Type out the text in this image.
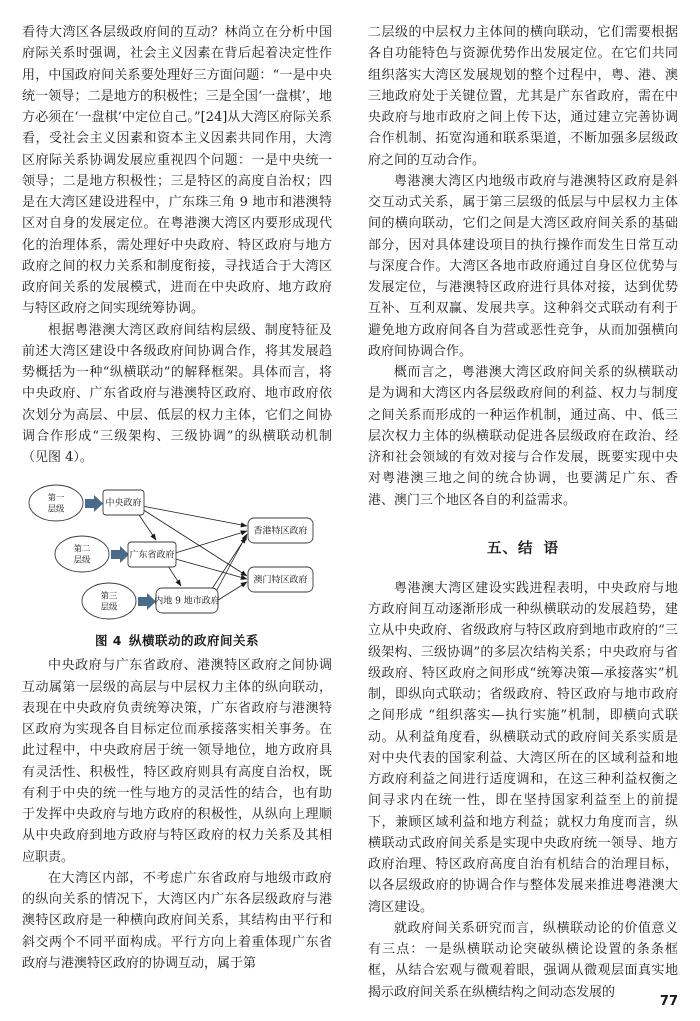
看待大湾区各层级政府间的互动？林尚立在分析中国府际关系时强调，社会主义因素在背后起着决定性作用，中国政府间关系要处理好三方面问题：“一是中央统一领导；二是地方的积极性；三是全国‘一盘棋’，地方必须在‘一盘棋’中定位自己。”[24]从大湾区府际关系看，受社会主义因素和资本主义因素共同作用，大湾区府际关系协调发展应重视四个问题：一是中央统一领导；二是地方积极性；三是特区的高度自治权；四是在大湾区建设进程中，广东珠三角 9 地市和港澳特区对自身的发展定位。在粤港澳大湾区内要形成现代化的治理体系，需处理好中央政府、特区政府与地方政府之间的权力关系和制度衔接，寻找适合于大湾区政府间关系的发展模式，进而在中央政府、地方政府与特区政府之间实现统筹协调。

根据粤港澳大湾区政府间结构层级、制度特征及前述大湾区建设中各级政府间协调合作，将其发展趋势概括为一种“纵横联动”的解释框架。具体而言，将中央政府、广东省政府与港澳特区政府、地市政府依次划分为高层、中层、低层的权力主体，它们之间协调合作形成“三级架构、三级协调”的纵横联动机制（见图 4）。

第一
层级
第二
层级
第三
层级
中央政府
广东省政府
内地 9 地市政府
香港特区政府
澳门特区政府
图 4 纵横联动的政府间关系

中央政府与广东省政府、港澳特区政府之间协调互动属第一层级的高层与中层权力主体的纵向联动，表现在中央政府负责统筹决策，广东省政府与港澳特区政府为实现各自目标定位而承接落实相关事务。在此过程中，中央政府居于统一领导地位，地方政府具有灵活性、积极性，特区政府则具有高度自治权，既有利于中央的统一性与地方的灵活性的结合，也有助于发挥中央政府与地方政府的积极性，从纵向上理顺从中央政府到地方政府与特区政府的权力关系及其相应职责。

在大湾区内部，不考虑广东省政府与地级市政府的纵向关系的情况下，大湾区内广东各层级政府与港澳特区政府是一种横向政府间关系，其结构由平行和斜交两个不同平面构成。平行方向上着重体现广东省政府与港澳特区政府的协调互动，属于第

二层级的中层权力主体间的横向联动，它们需要根据各自功能特色与资源优势作出发展定位。在它们共同组织落实大湾区发展规划的整个过程中，粤、港、澳三地政府处于关键位置，尤其是广东省政府，需在中央政府与地市政府之间上传下达，通过建立完善协调合作机制、拓宽沟通和联系渠道，不断加强多层级政府之间的互动合作。

粤港澳大湾区内地级市政府与港澳特区政府是斜交互动式关系，属于第三层级的低层与中层权力主体间的横向联动，它们之间是大湾区政府间关系的基础部分，因对具体建设项目的执行操作而发生日常互动与深度合作。大湾区各地市政府通过自身区位优势与发展定位，与港澳特区政府进行具体对接，达到优势互补、互利双赢、发展共享。这种斜交式联动有利于避免地方政府间各自为营或恶性竞争，从而加强横向政府间协调合作。

概而言之，粤港澳大湾区政府间关系的纵横联动是为调和大湾区内各层级政府间的利益、权力与制度之间关系而形成的一种运作机制，通过高、中、低三层次权力主体的纵横联动促进各层级政府在政治、经济和社会领域的有效对接与合作发展，既要实现中央对粤港澳三地之间的统合协调，也要满足广东、香港、澳门三个地区各自的利益需求。

五、结 语

粤港澳大湾区建设实践进程表明，中央政府与地方政府间互动逐渐形成一种纵横联动的发展趋势，建立从中央政府、省级政府与特区政府到地市政府的“三级架构、三级协调”的多层次结构关系；中央政府与省级政府、特区政府之间形成“统筹决策—承接落实”机制，即纵向式联动；省级政府、特区政府与地市政府之间形成 “组织落实—执行实施”机制，即横向式联动。从利益角度看，纵横联动式的政府间关系实质是对中央代表的国家利益、大湾区所在的区域利益和地方政府利益之间进行适度调和，在这三种利益权衡之间寻求内在统一性，即在坚持国家利益至上的前提下，兼顾区域利益和地方利益；就权力角度而言，纵横联动式政府间关系是实现中央政府统一领导、地方政府治理、特区政府高度自治有机结合的治理目标，以各层级政府的协调合作与整体发展来推进粤港澳大湾区建设。

就政府间关系研究而言，纵横联动论的价值意义有三点：一是纵横联动论突破纵横论设置的条条框框，从结合宏观与微观着眼，强调从微观层面真实地揭示政府间关系在纵横结构之间动态发展的

77
